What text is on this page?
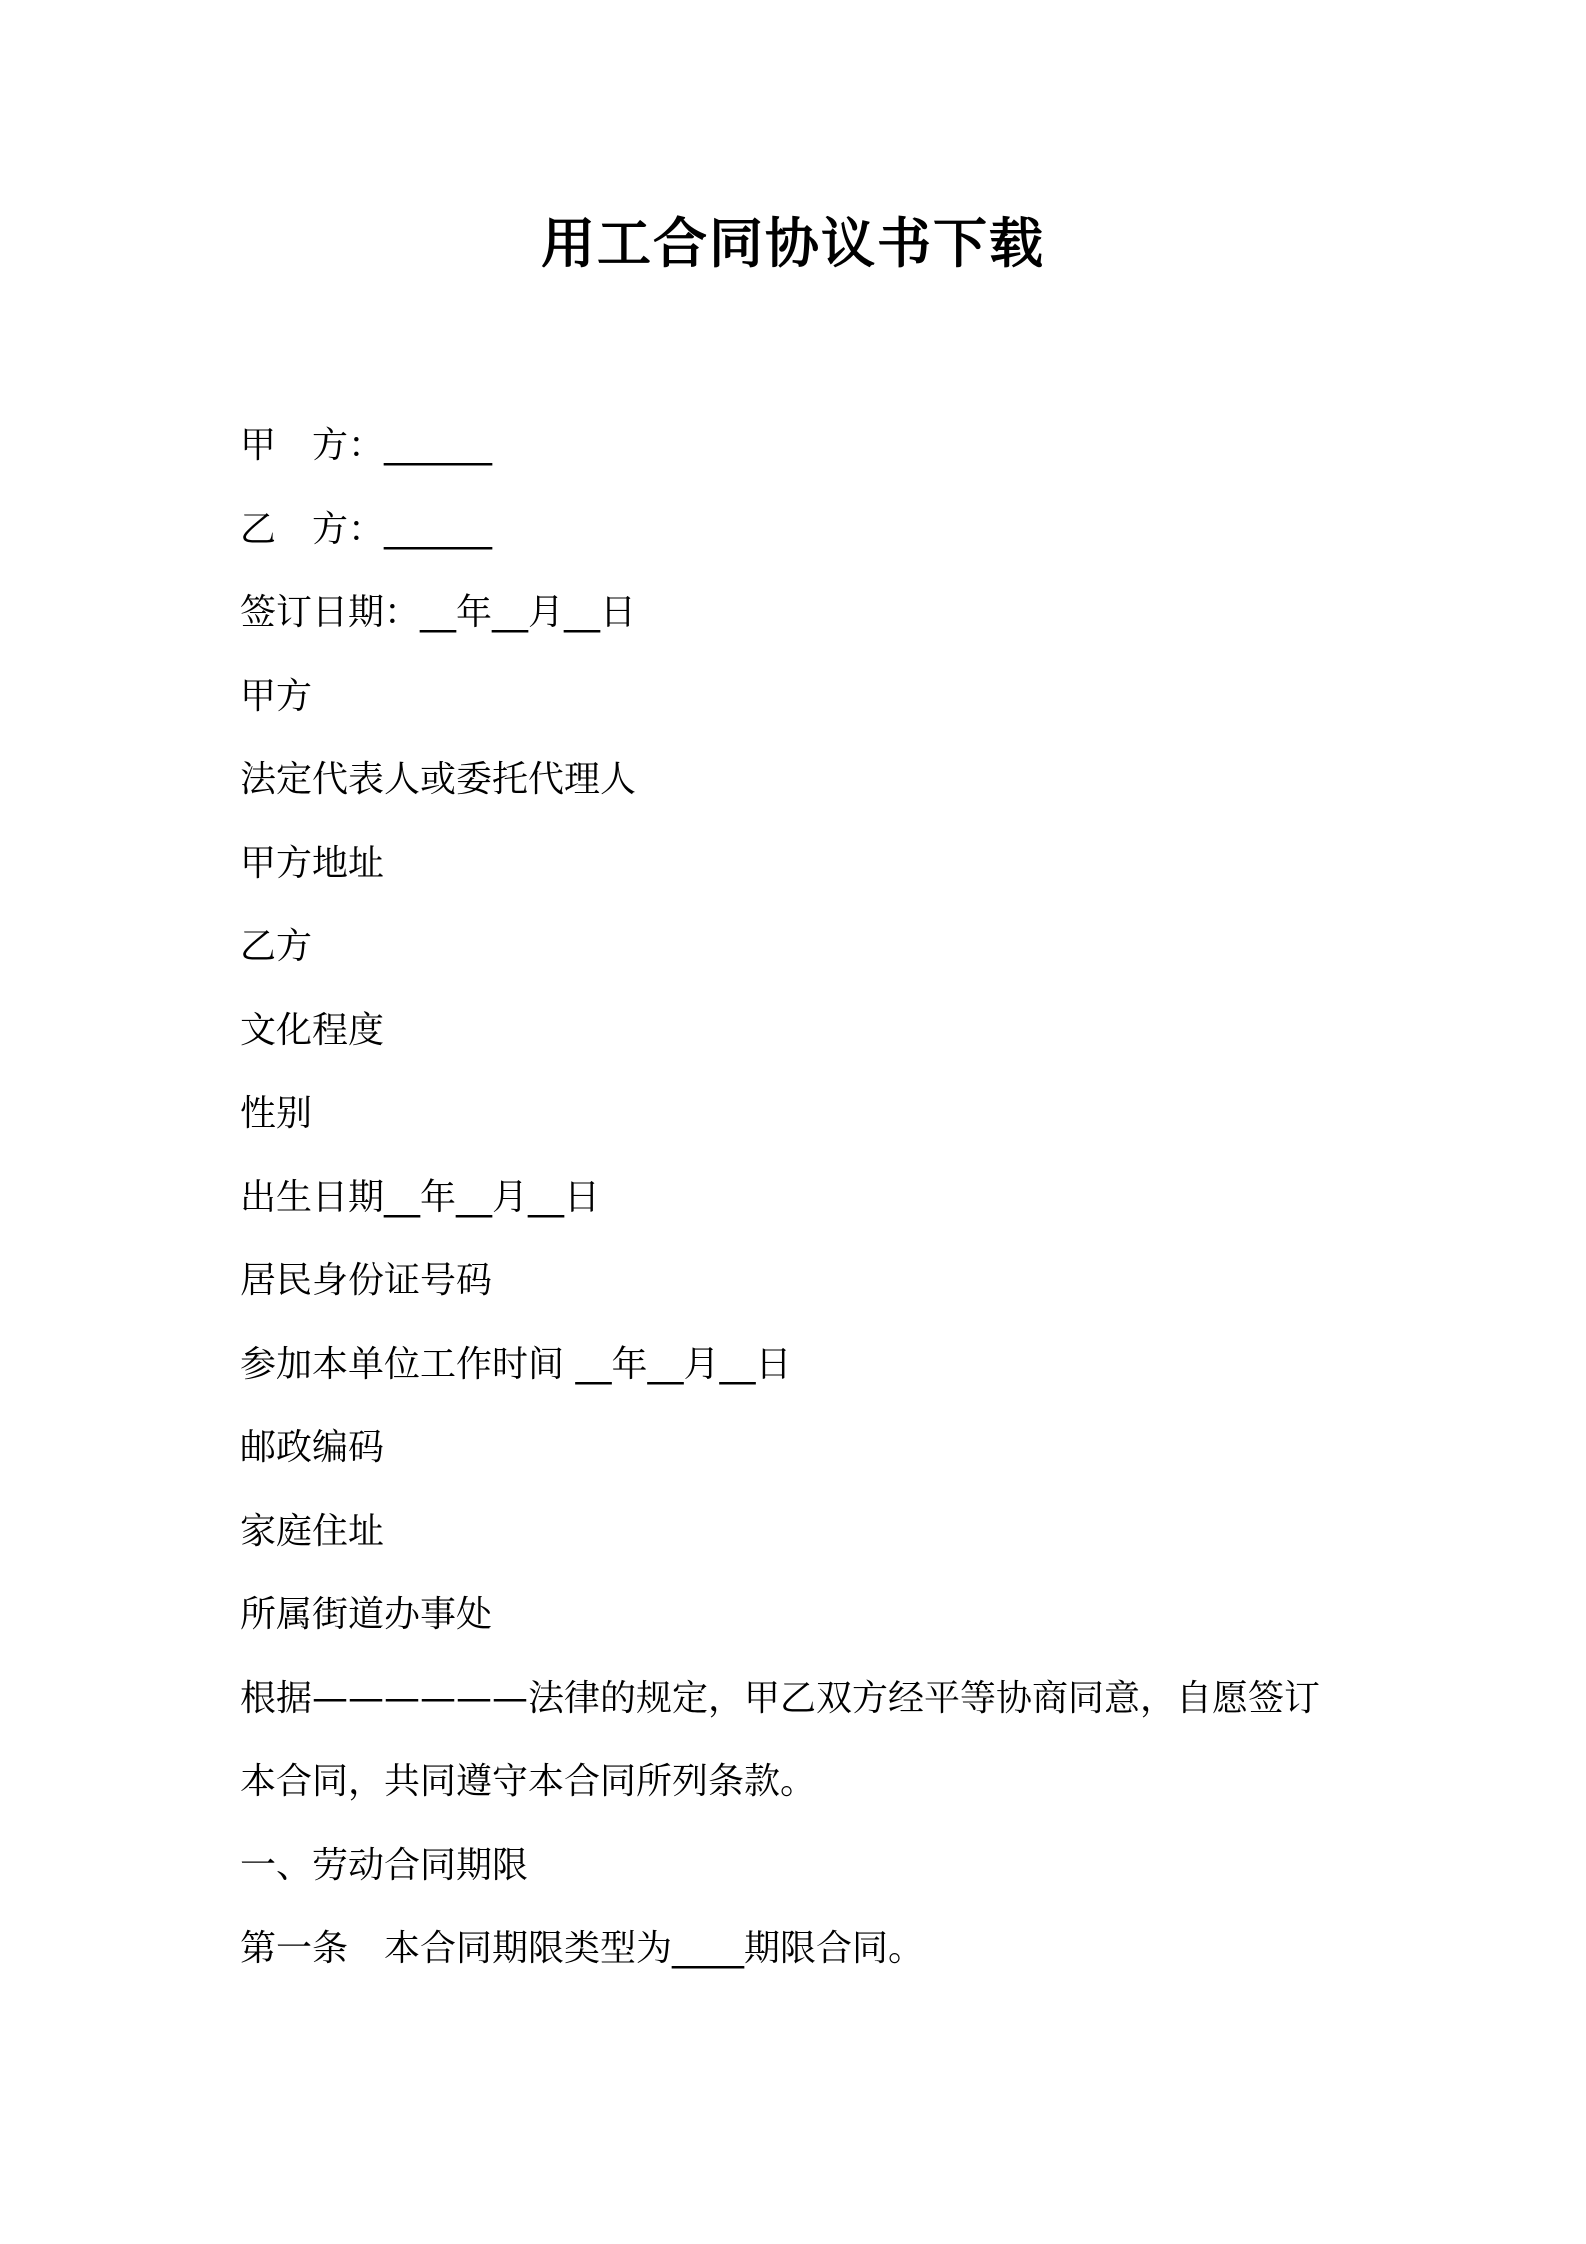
用工合同协议书下载

甲　方：______

乙　方：______

签订日期：__年__月__日

甲方

法定代表人或委托代理人

甲方地址

乙方

文化程度

性别

出生日期__年__月__日

居民身份证号码

参加本单位工作时间 __年__月__日

邮政编码

家庭住址

所属街道办事处

根据——————法律的规定，甲乙双方经平等协商同意，自愿签订

本合同，共同遵守本合同所列条款。

一、劳动合同期限

第一条　本合同期限类型为____期限合同。
